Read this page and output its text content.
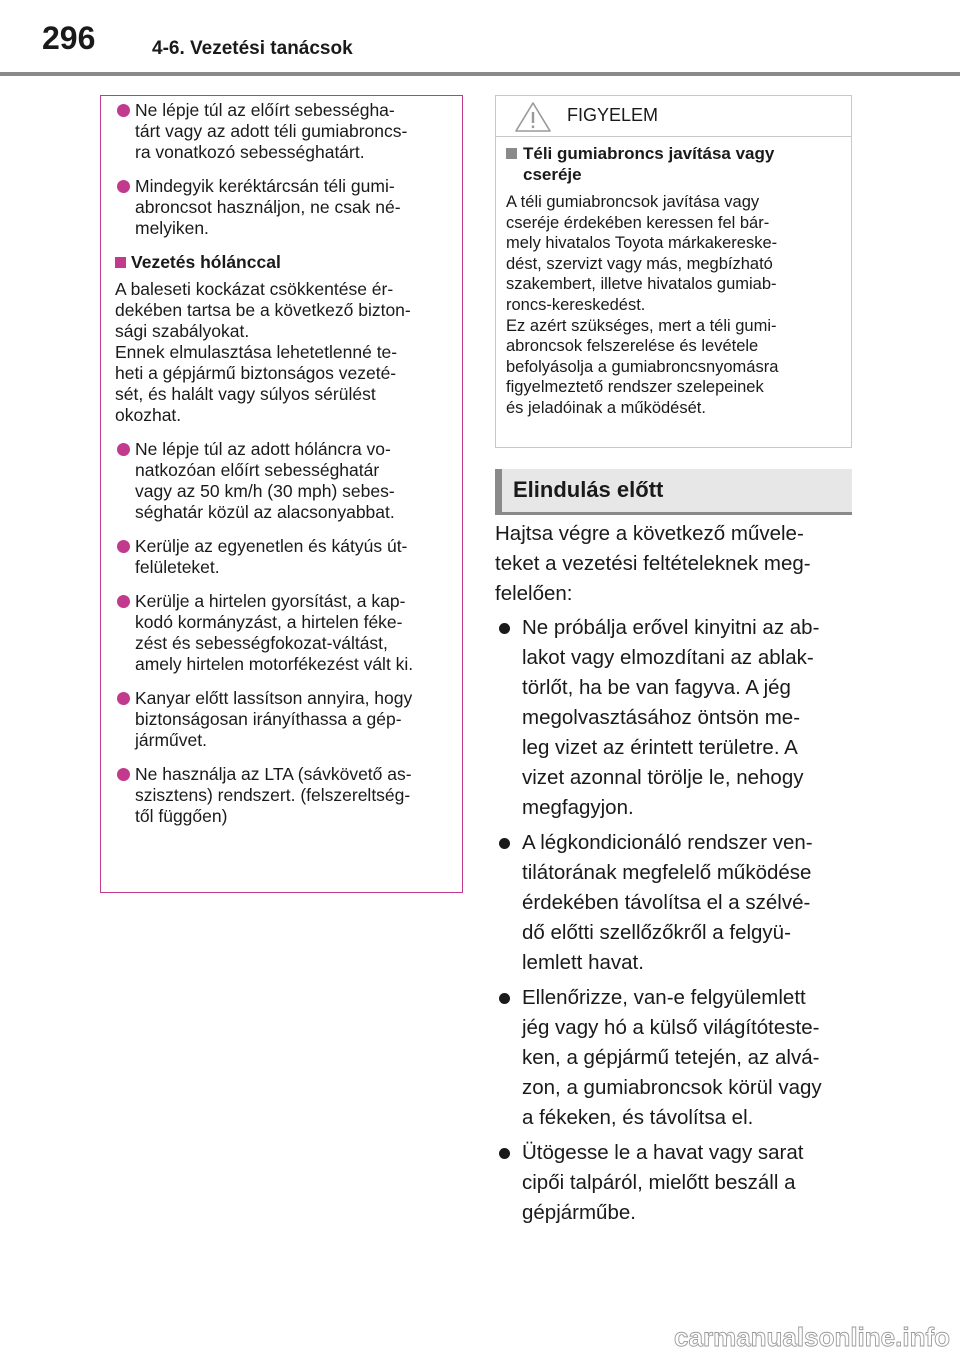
296	4-6. Vezetési tanácsok
Ne lépje túl az előírt sebességha-
tárt vagy az adott téli gumiabroncs-
ra vonatkozó sebességhatárt.
Mindegyik keréktárcsán téli gumi-
abroncsot használjon, ne csak né-
melyiken.
Vezetés hólánccal
A baleseti kockázat csökkentése ér-
dekében tartsa be a következő bizton-
sági szabályokat.
Ennek elmulasztása lehetetlenné te-
heti a gépjármű biztonságos vezeté-
sét, és halált vagy súlyos sérülést
okozhat.
Ne lépje túl az adott hóláncra vo-
natkozóan előírt sebességhatár
vagy az 50 km/h (30 mph) sebes-
séghatár közül az alacsonyabbat.
Kerülje az egyenetlen és kátyús út-
felületeket.
Kerülje a hirtelen gyorsítást, a kap-
kodó kormányzást, a hirtelen féke-
zést és sebességfokozat-váltást,
amely hirtelen motorfékezést vált ki.
Kanyar előtt lassítson annyira, hogy
biztonságosan irányíthassa a gép-
járművet.
Ne használja az LTA (sávkövető as-
szisztens) rendszert. (felszereltség-
től függően)
FIGYELEM
Téli gumiabroncs javítása vagy
cseréje
A téli gumiabroncsok javítása vagy
cseréje érdekében keressen fel bár-
mely hivatalos Toyota márkakereske-
dést, szervizt vagy más, megbízható
szakembert, illetve hivatalos gumiab-
roncs-kereskedést.
Ez azért szükséges, mert a téli gumi-
abroncsok felszerelése és levétele
befolyásolja a gumiabroncsnyomásra
figyelmeztető rendszer szelepeinek
és jeladóinak a működését.
Elindulás előtt
Hajtsa végre a következő művele-
teket a vezetési feltételeknek meg-
felelően:
Ne próbálja erővel kinyitni az ab-
lakot vagy elmozdítani az ablak-
törlőt, ha be van fagyva. A jég
megolvasztásához öntsön me-
leg vizet az érintett területre. A
vizet azonnal törölje le, nehogy
megfagyjon.
A légkondicionáló rendszer ven-
tilátorának megfelelő működése
érdekében távolítsa el a szélvé-
dő előtti szellőzőkről a felgyü-
lemlett havat.
Ellenőrizze, van-e felgyülemlett
jég vagy hó a külső világítóteste-
ken, a gépjármű tetején, az alvá-
zon, a gumiabroncsok körül vagy
a fékeken, és távolítsa el.
Ütögesse le a havat vagy sarat
cipői talpáról, mielőtt beszáll a
gépjárműbe.
carmanualsonline.info
